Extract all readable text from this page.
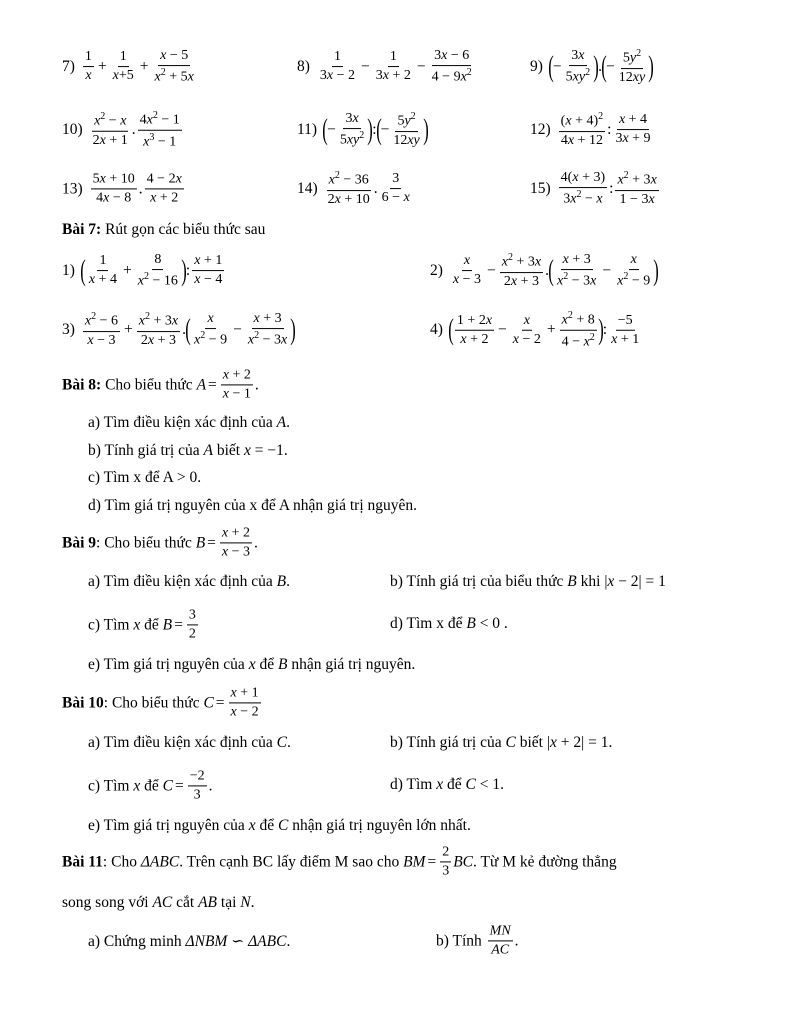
$7) \frac{1}{x} + \frac{1}{x+5} + \frac{x - 5}{x^2 + 5x}$	$8) \frac{1}{3x - 2} - \frac{1}{3x + 2} - \frac{3x - 6}{4 - 9x^2}$	9) ( − $\frac{3x}{5xy^2}$ ) . ( − $\frac{5y^2}{12xy}$ )
$10) \frac{x^2 - x}{2x + 1}$ . $\frac{4x^2 - 1}{x^3 - 1}$	11) ( − $\frac{3x}{5xy^2}$ ) : ( − $\frac{5y^2}{12xy}$ )	$12) \frac{(x + 4)^2}{4x + 12}$ : $\frac{x + 4}{3x + 9}$
$13) \frac{5x + 10}{4x - 8}$ . $\frac{4 - 2x}{x + 2}$	$14) \frac{x^2 - 36}{2x + 10}$ . $\frac{3}{6 - x}$	$15) \frac{4(x + 3)}{3x^2 - x}$ : $\frac{x^2 + 3x}{1 - 3x}$
Bài 7: Rút gọn các biểu thức sau
1) ( $\frac{1}{x + 4} + \frac{8}{x^2 - 16}$ ) : $\frac{x + 1}{x - 4}$	$2) \frac{x}{x - 3} - \frac{x^2 + 3x}{2x + 3}$ . ( $\frac{x + 3}{x^2 - 3x} - \frac{x}{x^2 - 9}$ )
$3) \frac{x^2 - 6}{x - 3} + \frac{x^2 + 3x}{2x + 3}$ . ( $\frac{x}{x^2 - 9} - \frac{x + 3}{x^2 - 3x}$ )	4) ( $\frac{1 + 2x}{x + 2} - \frac{x}{x - 2} + \frac{x^2 + 8}{4 - x^2}$ ) : $\frac{-5}{x + 1}$
Bài 8:
Cho biểu thức
$A = \frac{x + 2}{x - 1}$ .
a) Tìm điều kiện xác định của A.
b) Tính giá trị của A biết x = −1.
c) Tìm x để A > 0.
d) Tìm giá trị nguyên của x để A nhận giá trị nguyên.
Bài 9 : Cho biểu thức
$B = \frac{x + 2}{x - 3}$ .
a) Tìm điều kiện xác định của B.	b) Tính giá trị của biểu thức B khi |x − 2| = 1
c) Tìm
x
để
$B = \frac{3}{2}$	d) Tìm x để B < 0 .
e) Tìm giá trị nguyên của x để B nhận giá trị nguyên.
Bài 10 : Cho biểu thức
$C = \frac{x + 1}{x - 2}$
a) Tìm điều kiện xác định của C.	b) Tính giá trị của C biết |x + 2| = 1.
c) Tìm
x
để
$C = \frac{-2}{3}$ .	d) Tìm x để C < 1.
e) Tìm giá trị nguyên của x để C nhận giá trị nguyên lớn nhất.
Bài 11 : Cho
ΔABC . Trên cạnh BC lấy điểm M sao cho
BM = $\frac{2}{3}$ BC . Từ M kẻ đường thẳng
song song với AC cắt AB tại N.
a) Chứng minh ΔNBM ∽ ΔABC.	b) Tính
$\frac{MN}{AC}$ .
